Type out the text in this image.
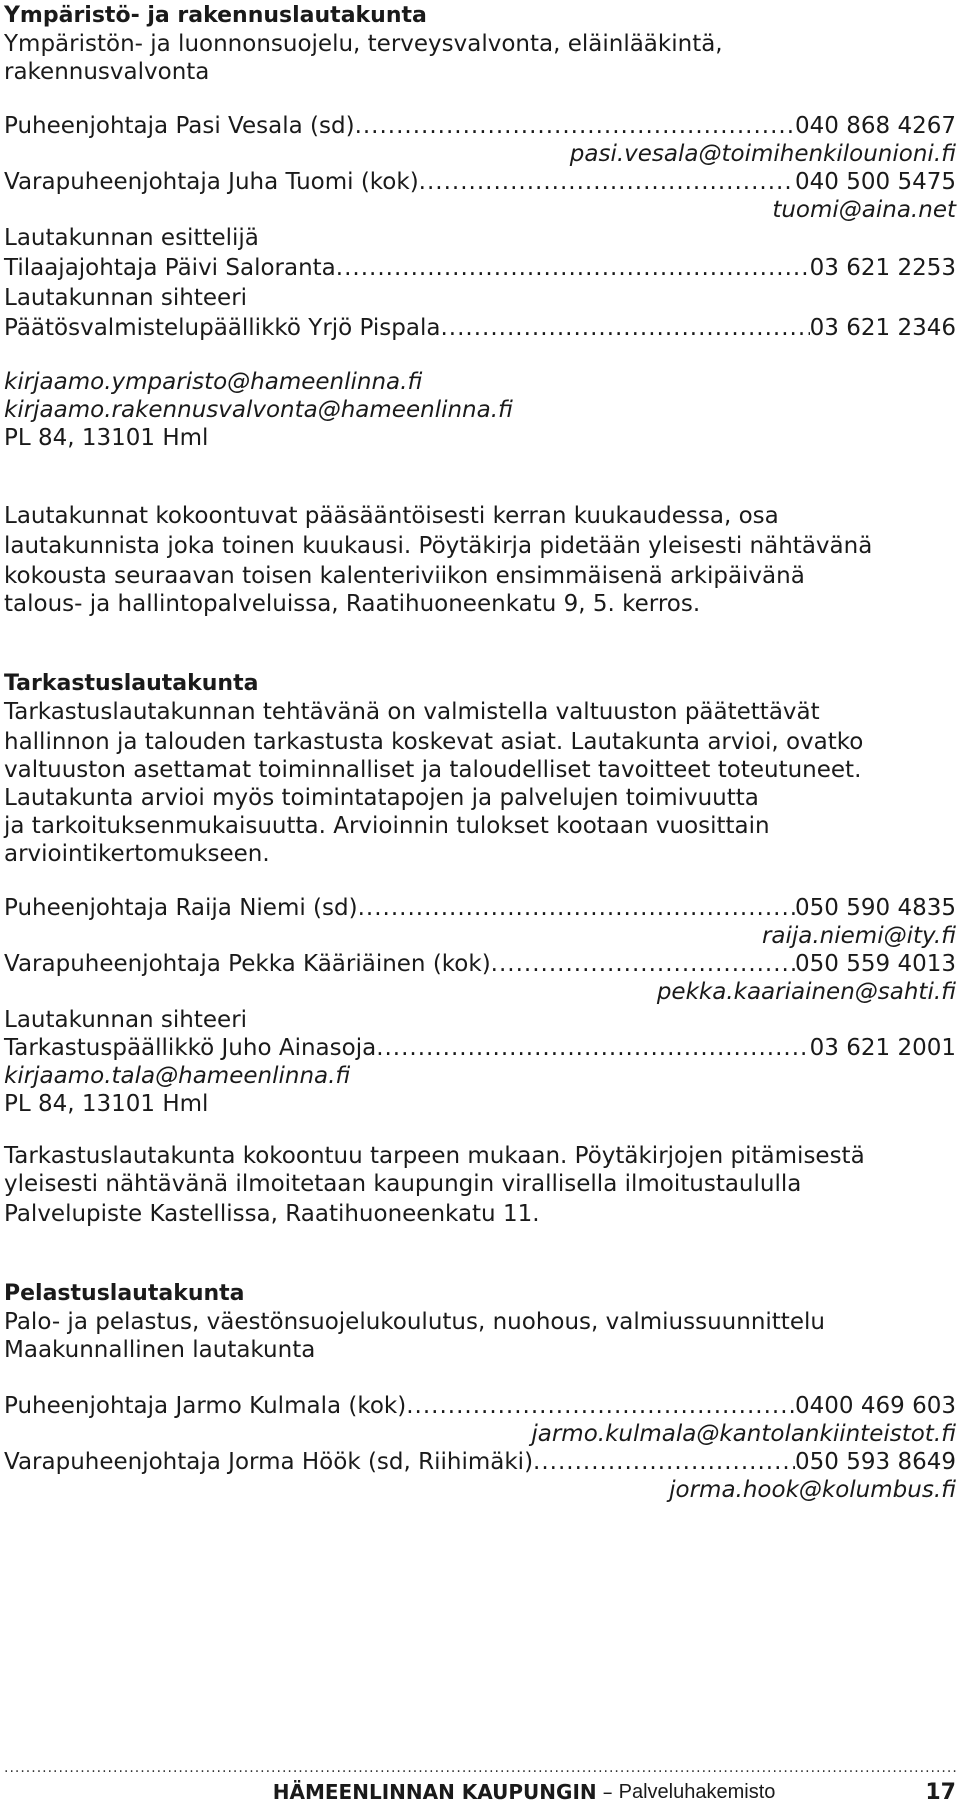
Ympäristö- ja rakennuslautakunta
Ympäristön- ja luonnonsuojelu, terveysvalvonta, eläinlääkintä,
rakennusvalvonta
Puheenjohtaja Pasi Vesala (sd) .....	040 868 4267
pasi.vesala@toimihenkilounioni.fi
Varapuheenjohtaja Juha Tuomi (kok) .....	040 500 5475
tuomi@aina.net
Lautakunnan esittelijä
Tilaajajohtaja Päivi Saloranta .....	03 621 2253
Lautakunnan sihteeri
Päätösvalmistelupäällikkö Yrjö Pispala .....	03 621 2346
kirjaamo.ymparisto@hameenlinna.fi
kirjaamo.rakennusvalvonta@hameenlinna.fi
PL 84, 13101 Hml
Lautakunnat kokoontuvat pääsääntöisesti kerran kuukaudessa, osa
lautakunnista joka toinen kuukausi. Pöytäkirja pidetään yleisesti nähtävänä
kokousta seuraavan toisen kalenteriviikon ensimmäisenä arkipäivänä
talous- ja hallintopalveluissa, Raatihuoneenkatu 9, 5. kerros.
Tarkastuslautakunta
Tarkastuslautakunnan tehtävänä on valmistella valtuuston päätettävät
hallinnon ja talouden tarkastusta koskevat asiat. Lautakunta arvioi, ovatko
valtuuston asettamat toiminnalliset ja taloudelliset tavoitteet toteutuneet.
Lautakunta arvioi myös toimintatapojen ja palvelujen toimivuutta
ja tarkoituksenmukaisuutta. Arvioinnin tulokset kootaan vuosittain
arviointikertomukseen.
Puheenjohtaja Raija Niemi (sd) .....	050 590 4835
raija.niemi@ity.fi
Varapuheenjohtaja Pekka Kääriäinen (kok) .....	050 559 4013
pekka.kaariainen@sahti.fi
Lautakunnan sihteeri
Tarkastuspäällikkö Juho Ainasoja .....	03 621 2001
kirjaamo.tala@hameenlinna.fi
PL 84, 13101 Hml
Tarkastuslautakunta kokoontuu tarpeen mukaan. Pöytäkirjojen pitämisestä
yleisesti nähtävänä ilmoitetaan kaupungin virallisella ilmoitustaululla
Palvelupiste Kastellissa, Raatihuoneenkatu 11.
Pelastuslautakunta
Palo- ja pelastus, väestönsuojelukoulutus, nuohous, valmiussuunnittelu
Maakunnallinen lautakunta
Puheenjohtaja Jarmo Kulmala (kok) .....	0400 469 603
jarmo.kulmala@kantolankiinteistot.fi
Varapuheenjohtaja Jorma Höök (sd, Riihimäki) .....	050 593 8649
jorma.hook@kolumbus.fi
.....
HÄMEENLINNAN KAUPUNGIN – Palveluhakemisto	17
